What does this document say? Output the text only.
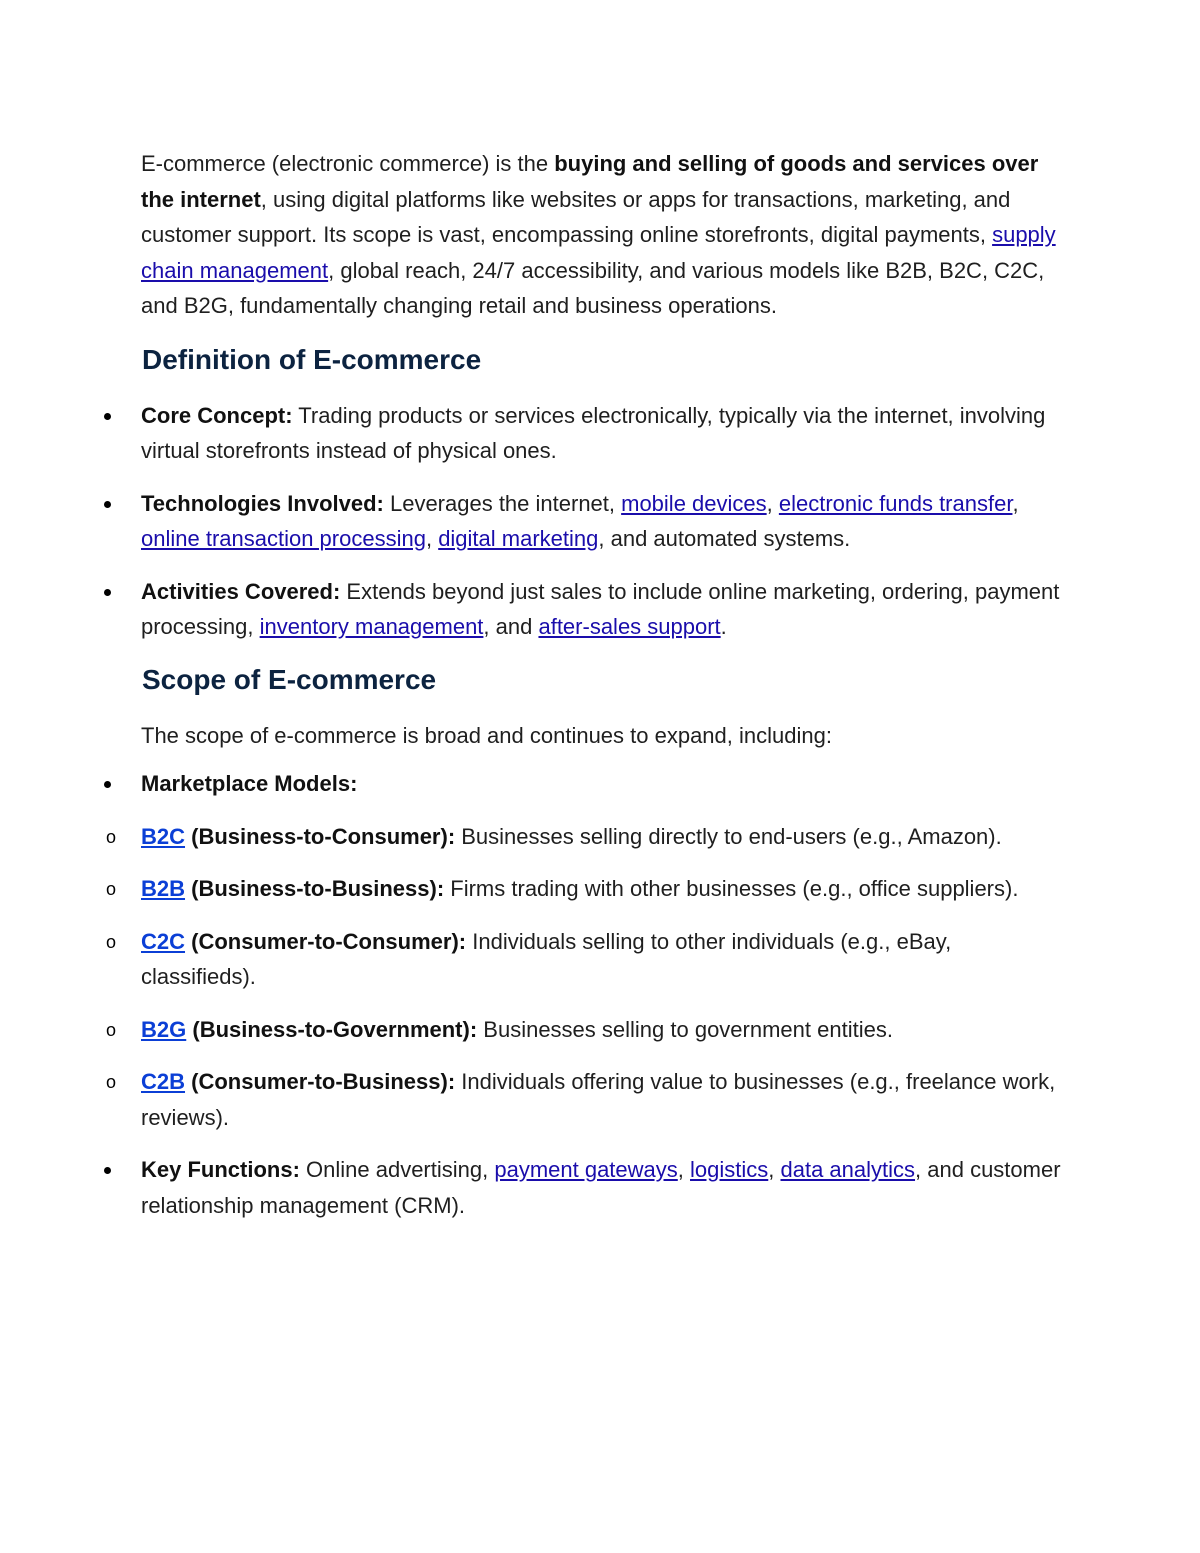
E-commerce (electronic commerce) is the buying and selling of goods and services over the internet, using digital platforms like websites or apps for transactions, marketing, and customer support. Its scope is vast, encompassing online storefronts, digital payments, supply chain management, global reach, 24/7 accessibility, and various models like B2B, B2C, C2C, and B2G, fundamentally changing retail and business operations.

Definition of E-commerce
Core Concept: Trading products or services electronically, typically via the internet, involving virtual storefronts instead of physical ones.
Technologies Involved: Leverages the internet, mobile devices, electronic funds transfer, online transaction processing, digital marketing, and automated systems.
Activities Covered: Extends beyond just sales to include online marketing, ordering, payment processing, inventory management, and after-sales support.
Scope of E-commerce

The scope of e-commerce is broad and continues to expand, including:

Marketplace Models:
o B2C (Business-to-Consumer): Businesses selling directly to end-users (e.g., Amazon).
o B2B (Business-to-Business): Firms trading with other businesses (e.g., office suppliers).
o C2C (Consumer-to-Consumer): Individuals selling to other individuals (e.g., eBay, classifieds).
o B2G (Business-to-Government): Businesses selling to government entities.
o C2B (Consumer-to-Business): Individuals offering value to businesses (e.g., freelance work, reviews).
Key Functions: Online advertising, payment gateways, logistics, data analytics, and customer relationship management (CRM).
